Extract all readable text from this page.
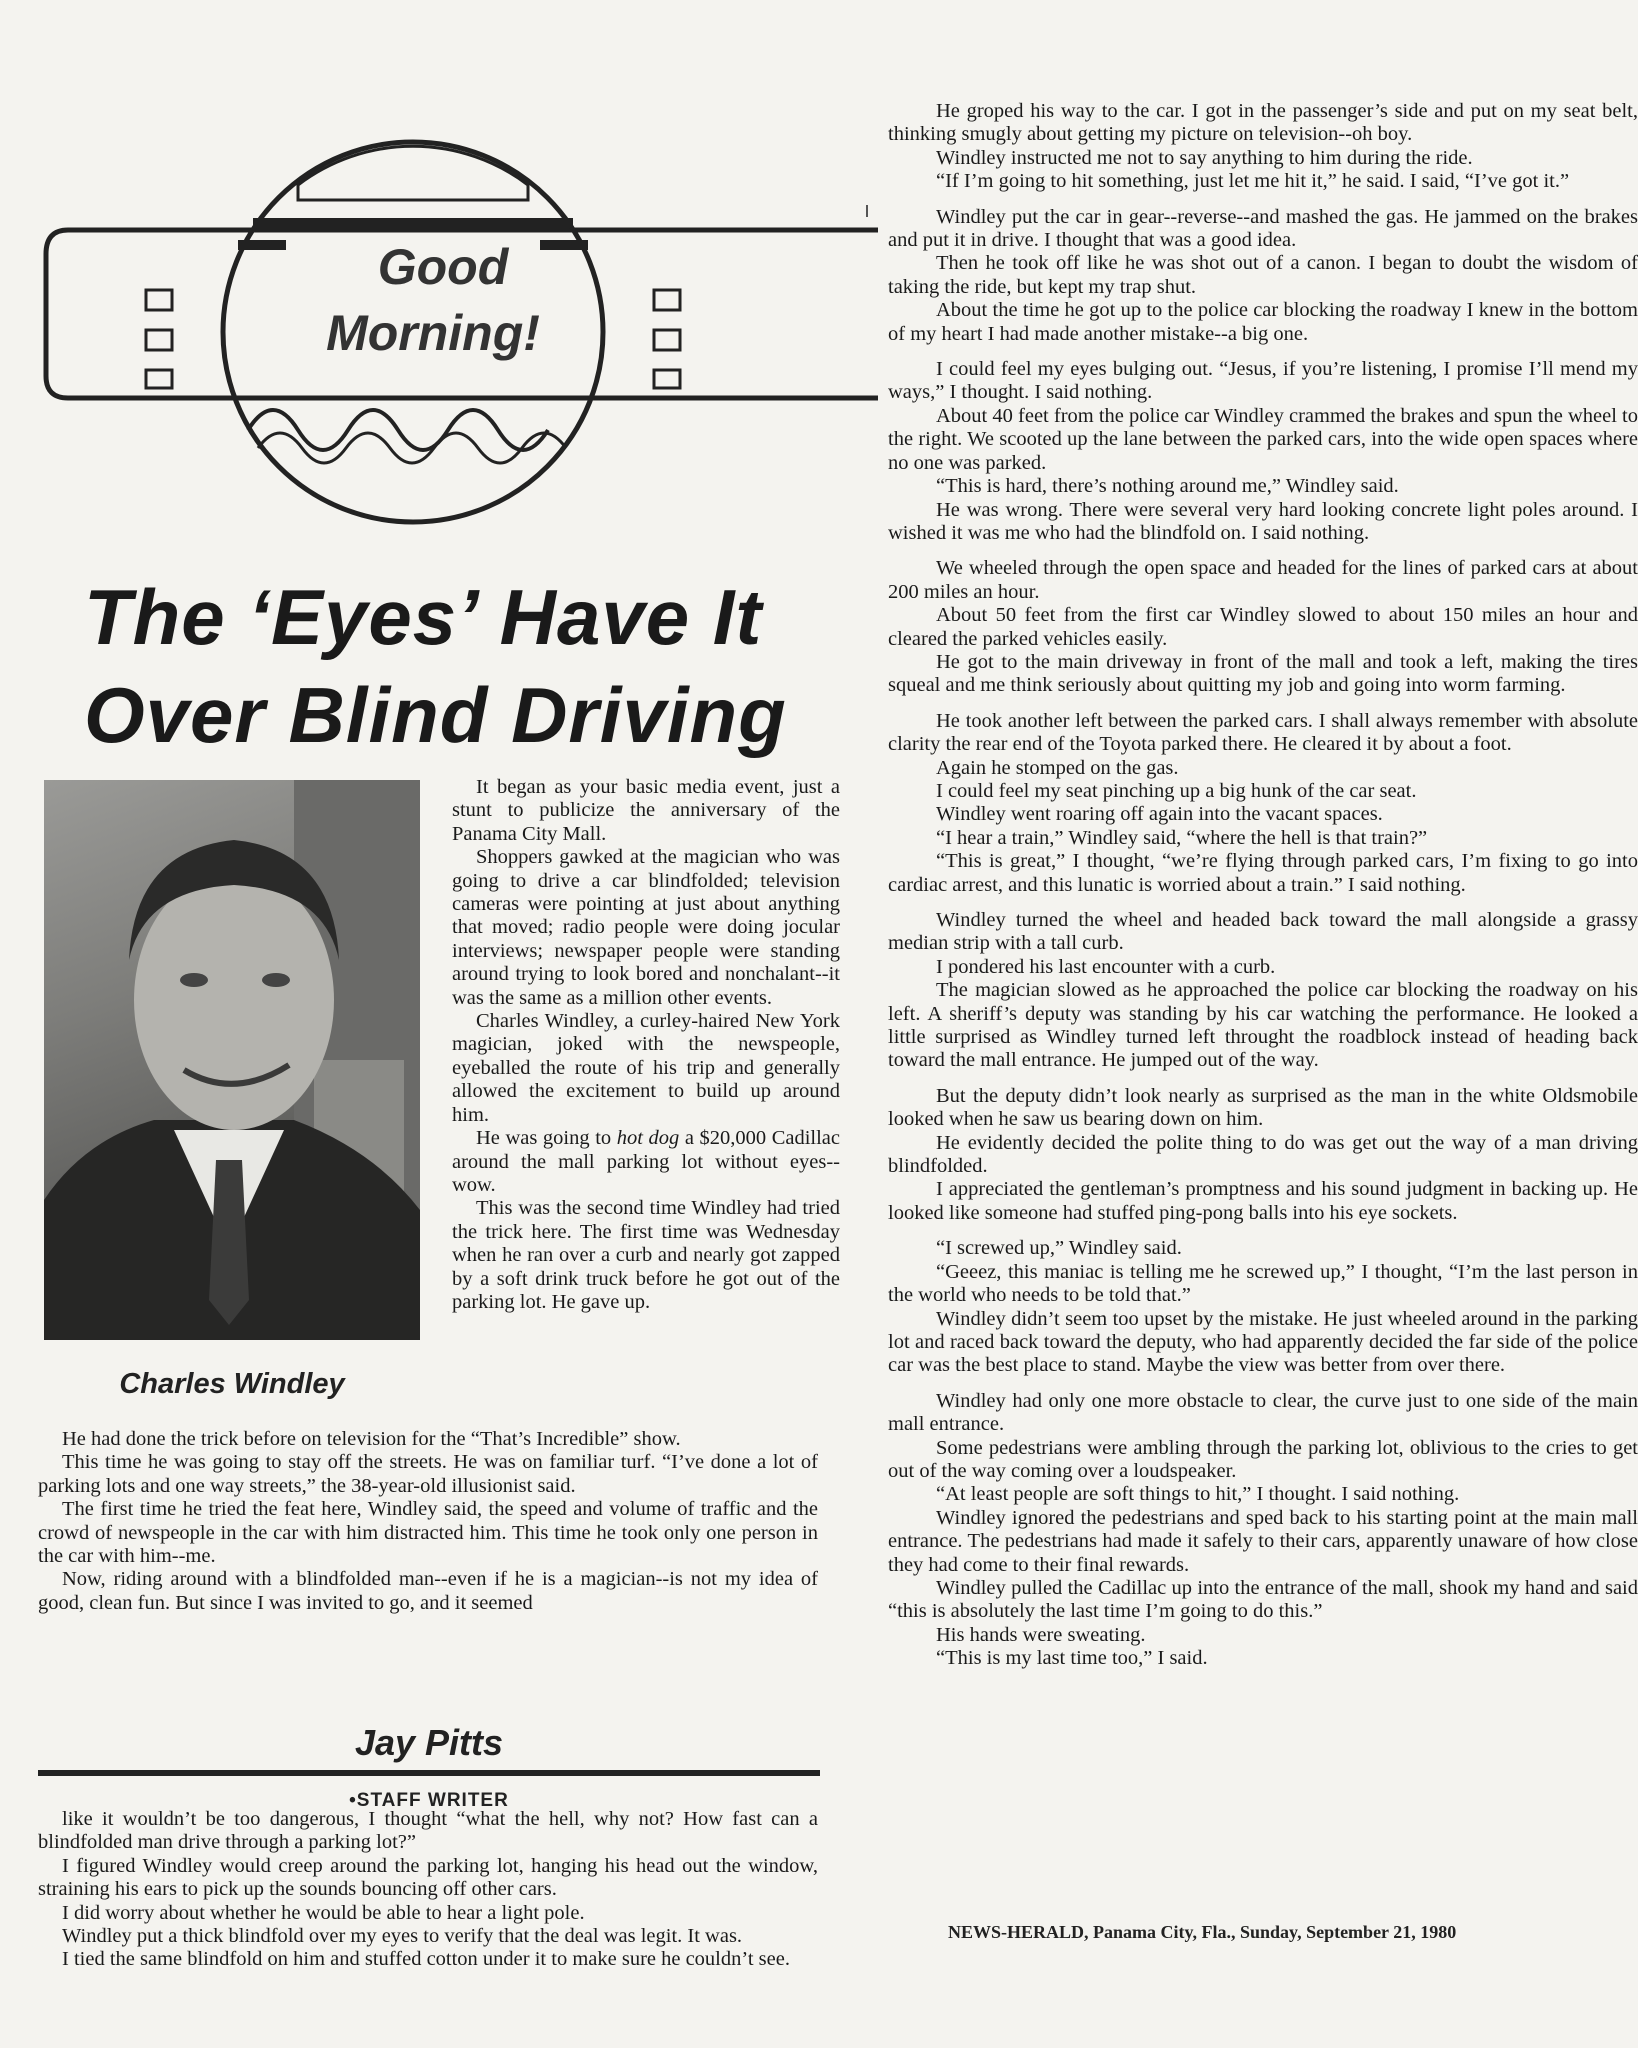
Good
Morning!
The ‘Eyes’ Have It
Over Blind Driving
Charles Windley

It began as your basic media event, just a stunt to publicize the anniversary of the Panama City Mall.

Shoppers gawked at the magician who was going to drive a car blindfolded; television cameras were pointing at just about anything that moved; radio people were doing jocular interviews; newspaper people were standing around trying to look bored and nonchalant--it was the same as a million other events.

Charles Windley, a curley-haired New York magician, joked with the newspeople, eyeballed the route of his trip and generally allowed the excitement to build up around him.

He was going to hot dog a $20,000 Cadillac around the mall parking lot without eyes--wow.

This was the second time Windley had tried the trick here. The first time was Wednesday when he ran over a curb and nearly got zapped by a soft drink truck before he got out of the parking lot. He gave up.

He had done the trick before on television for the “That’s Incredible” show.

This time he was going to stay off the streets. He was on familiar turf. “I’ve done a lot of parking lots and one way streets,” the 38-year-old illusionist said.

The first time he tried the feat here, Windley said, the speed and volume of traffic and the crowd of newspeople in the car with him distracted him. This time he took only one person in the car with him--me.

Now, riding around with a blindfolded man--even if he is a magician--is not my idea of good, clean fun. But since I was invited to go, and it seemed

Jay Pitts
•STAFF WRITER

like it wouldn’t be too dangerous, I thought “what the hell, why not? How fast can a blindfolded man drive through a parking lot?”

I figured Windley would creep around the parking lot, hanging his head out the window, straining his ears to pick up the sounds bouncing off other cars.

I did worry about whether he would be able to hear a light pole.

Windley put a thick blindfold over my eyes to verify that the deal was legit. It was.

I tied the same blindfold on him and stuffed cotton under it to make sure he couldn’t see.

He groped his way to the car. I got in the passenger’s side and put on my seat belt, thinking smugly about getting my picture on television--oh boy.

Windley instructed me not to say anything to him during the ride.

“If I’m going to hit something, just let me hit it,” he said. I said, “I’ve got it.”

Windley put the car in gear--reverse--and mashed the gas. He jammed on the brakes and put it in drive. I thought that was a good idea.

Then he took off like he was shot out of a canon. I began to doubt the wisdom of taking the ride, but kept my trap shut.

About the time he got up to the police car blocking the roadway I knew in the bottom of my heart I had made another mistake--a big one.

I could feel my eyes bulging out. “Jesus, if you’re listening, I promise I’ll mend my ways,” I thought. I said nothing.

About 40 feet from the police car Windley crammed the brakes and spun the wheel to the right. We scooted up the lane between the parked cars, into the wide open spaces where no one was parked.

“This is hard, there’s nothing around me,” Windley said.

He was wrong. There were several very hard looking concrete light poles around. I wished it was me who had the blindfold on. I said nothing.

We wheeled through the open space and headed for the lines of parked cars at about 200 miles an hour.

About 50 feet from the first car Windley slowed to about 150 miles an hour and cleared the parked vehicles easily.

He got to the main driveway in front of the mall and took a left, making the tires squeal and me think seriously about quitting my job and going into worm farming.

He took another left between the parked cars. I shall always remember with absolute clarity the rear end of the Toyota parked there. He cleared it by about a foot.

Again he stomped on the gas.

I could feel my seat pinching up a big hunk of the car seat.

Windley went roaring off again into the vacant spaces.

“I hear a train,” Windley said, “where the hell is that train?”

“This is great,” I thought, “we’re flying through parked cars, I’m fixing to go into cardiac arrest, and this lunatic is worried about a train.” I said nothing.

Windley turned the wheel and headed back toward the mall alongside a grassy median strip with a tall curb.

I pondered his last encounter with a curb.

The magician slowed as he approached the police car blocking the roadway on his left. A sheriff’s deputy was standing by his car watching the performance. He looked a little surprised as Windley turned left throught the roadblock instead of heading back toward the mall entrance. He jumped out of the way.

But the deputy didn’t look nearly as surprised as the man in the white Oldsmobile looked when he saw us bearing down on him.

He evidently decided the polite thing to do was get out the way of a man driving blindfolded.

I appreciated the gentleman’s promptness and his sound judgment in backing up. He looked like someone had stuffed ping-pong balls into his eye sockets.

“I screwed up,” Windley said.

“Geeez, this maniac is telling me he screwed up,” I thought, “I’m the last person in the world who needs to be told that.”

Windley didn’t seem too upset by the mistake. He just wheeled around in the parking lot and raced back toward the deputy, who had apparently decided the far side of the police car was the best place to stand. Maybe the view was better from over there.

Windley had only one more obstacle to clear, the curve just to one side of the main mall entrance.

Some pedestrians were ambling through the parking lot, oblivious to the cries to get out of the way coming over a loudspeaker.

“At least people are soft things to hit,” I thought. I said nothing.

Windley ignored the pedestrians and sped back to his starting point at the main mall entrance. The pedestrians had made it safely to their cars, apparently unaware of how close they had come to their final rewards.

Windley pulled the Cadillac up into the entrance of the mall, shook my hand and said “this is absolutely the last time I’m going to do this.”

His hands were sweating.

“This is my last time too,” I said.

NEWS-HERALD, Panama City, Fla., Sunday, September 21, 1980
